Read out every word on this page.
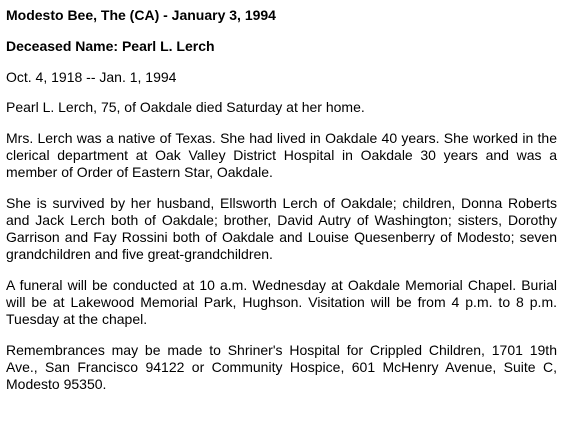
Modesto Bee, The (CA) - January 3, 1994

Deceased Name: Pearl L. Lerch

Oct. 4, 1918 -- Jan. 1, 1994

Pearl L. Lerch, 75, of Oakdale died Saturday at her home.

Mrs. Lerch was a native of Texas. She had lived in Oakdale 40 years. She worked in the clerical department at Oak Valley District Hospital in Oakdale 30 years and was a member of Order of Eastern Star, Oakdale.

She is survived by her husband, Ellsworth Lerch of Oakdale; children, Donna Roberts and Jack Lerch both of Oakdale; brother, David Autry of Washington; sisters, Dorothy Garrison and Fay Rossini both of Oakdale and Louise Quesenberry of Modesto; seven grandchildren and five great-grandchildren.

A funeral will be conducted at 10 a.m. Wednesday at Oakdale Memorial Chapel. Burial will be at Lakewood Memorial Park, Hughson. Visitation will be from 4 p.m. to 8 p.m. Tuesday at the chapel.

Remembrances may be made to Shriner's Hospital for Crippled Children, 1701 19th Ave., San Francisco 94122 or Community Hospice, 601 McHenry Avenue, Suite C, Modesto 95350.
